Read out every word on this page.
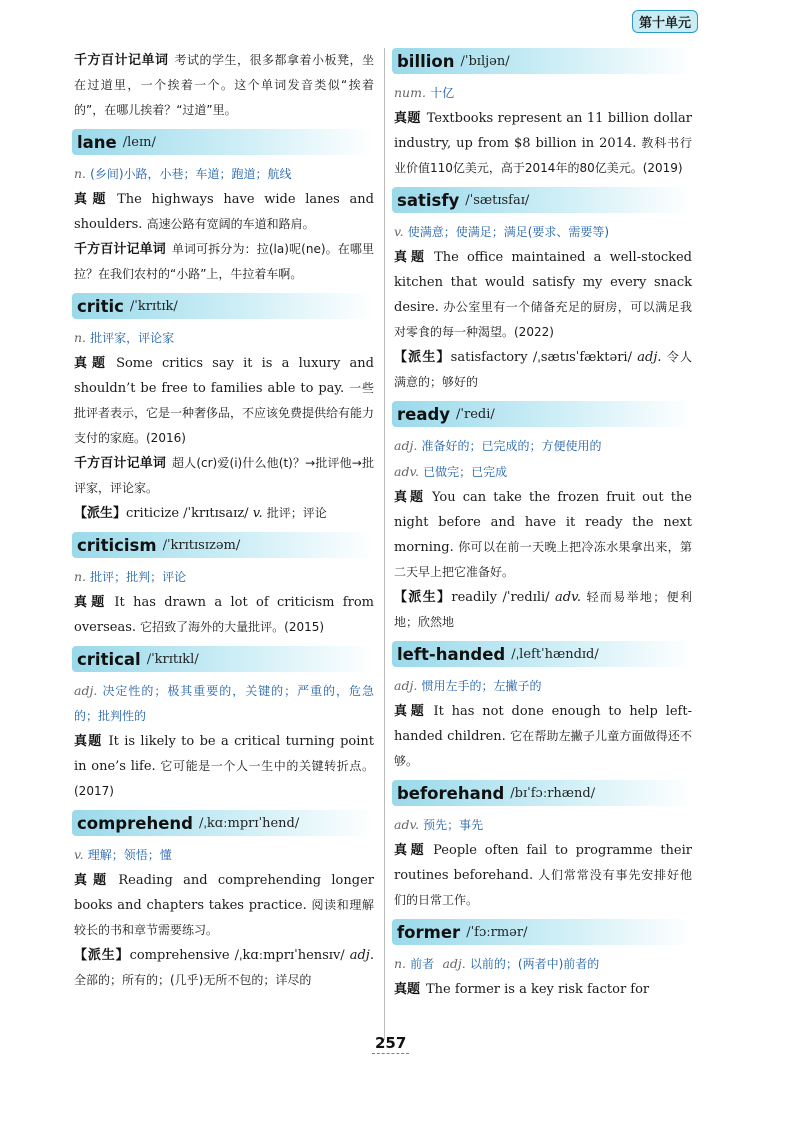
第十单元

千方百计记单词 考试的学生，很多都拿着小板凳，坐在过道里，一个挨着一个。这个单词发音类似“挨着的”，在哪儿挨着？“过道”里。

lane /leɪn/

n. (乡间)小路，小巷；车道；跑道；航线

真题 The highways have wide lanes and shoulders. 高速公路有宽阔的车道和路肩。

千方百计记单词 单词可拆分为：拉(la)呢(ne)。在哪里拉？在我们农村的“小路”上，牛拉着车啊。

critic /ˈkrɪtɪk/

n. 批评家，评论家

真题 Some critics say it is a luxury and shouldn’t be free to families able to pay. 一些批评者表示，它是一种奢侈品，不应该免费提供给有能力支付的家庭。(2016)

千方百计记单词 超人(cr)爱(i)什么他(t)？→批评他→批评家，评论家。

【派生】criticize /ˈkrɪtɪsaɪz/ v. 批评；评论

criticism /ˈkrɪtɪsɪzəm/

n. 批评；批判；评论

真题 It has drawn a lot of criticism from overseas. 它招致了海外的大量批评。(2015)

critical /ˈkrɪtɪkl/

adj. 决定性的；极其重要的，关键的；严重的，危急的；批判性的

真题 It is likely to be a critical turning point in one’s life. 它可能是一个人一生中的关键转折点。(2017)

comprehend /ˌkɑːmprɪˈhend/

v. 理解；领悟；懂

真题 Reading and comprehending longer books and chapters takes practice. 阅读和理解较长的书和章节需要练习。

【派生】comprehensive /ˌkɑːmprɪˈhensɪv/ adj. 全部的；所有的；(几乎)无所不包的；详尽的

billion /ˈbɪljən/

num. 十亿

真题 Textbooks represent an 11 billion dollar industry, up from $8 billion in 2014. 教科书行业价值110亿美元，高于2014年的80亿美元。(2019)

satisfy /ˈsætɪsfaɪ/

v. 使满意；使满足；满足(要求、需要等)

真题 The office maintained a well-stocked kitchen that would satisfy my every snack desire. 办公室里有一个储备充足的厨房，可以满足我对零食的每一种渴望。(2022)

【派生】satisfactory /ˌsætɪsˈfæktəri/ adj. 令人满意的；够好的

ready /ˈredi/

adj. 准备好的；已完成的；方便使用的

adv. 已做完；已完成

真题 You can take the frozen fruit out the night before and have it ready the next morning. 你可以在前一天晚上把冷冻水果拿出来，第二天早上把它准备好。

【派生】readily /ˈredɪli/ adv. 轻而易举地；便利地；欣然地

left-handed /ˌleftˈhændɪd/

adj. 惯用左手的；左撇子的

真题 It has not done enough to help left-handed children. 它在帮助左撇子儿童方面做得还不够。

beforehand /bɪˈfɔːrhænd/

adv. 预先；事先

真题 People often fail to programme their routines beforehand. 人们常常没有事先安排好他们的日常工作。

former /ˈfɔːrmər/

n. 前者 adj. 以前的；(两者中)前者的

真题 The former is a key risk factor for

257
